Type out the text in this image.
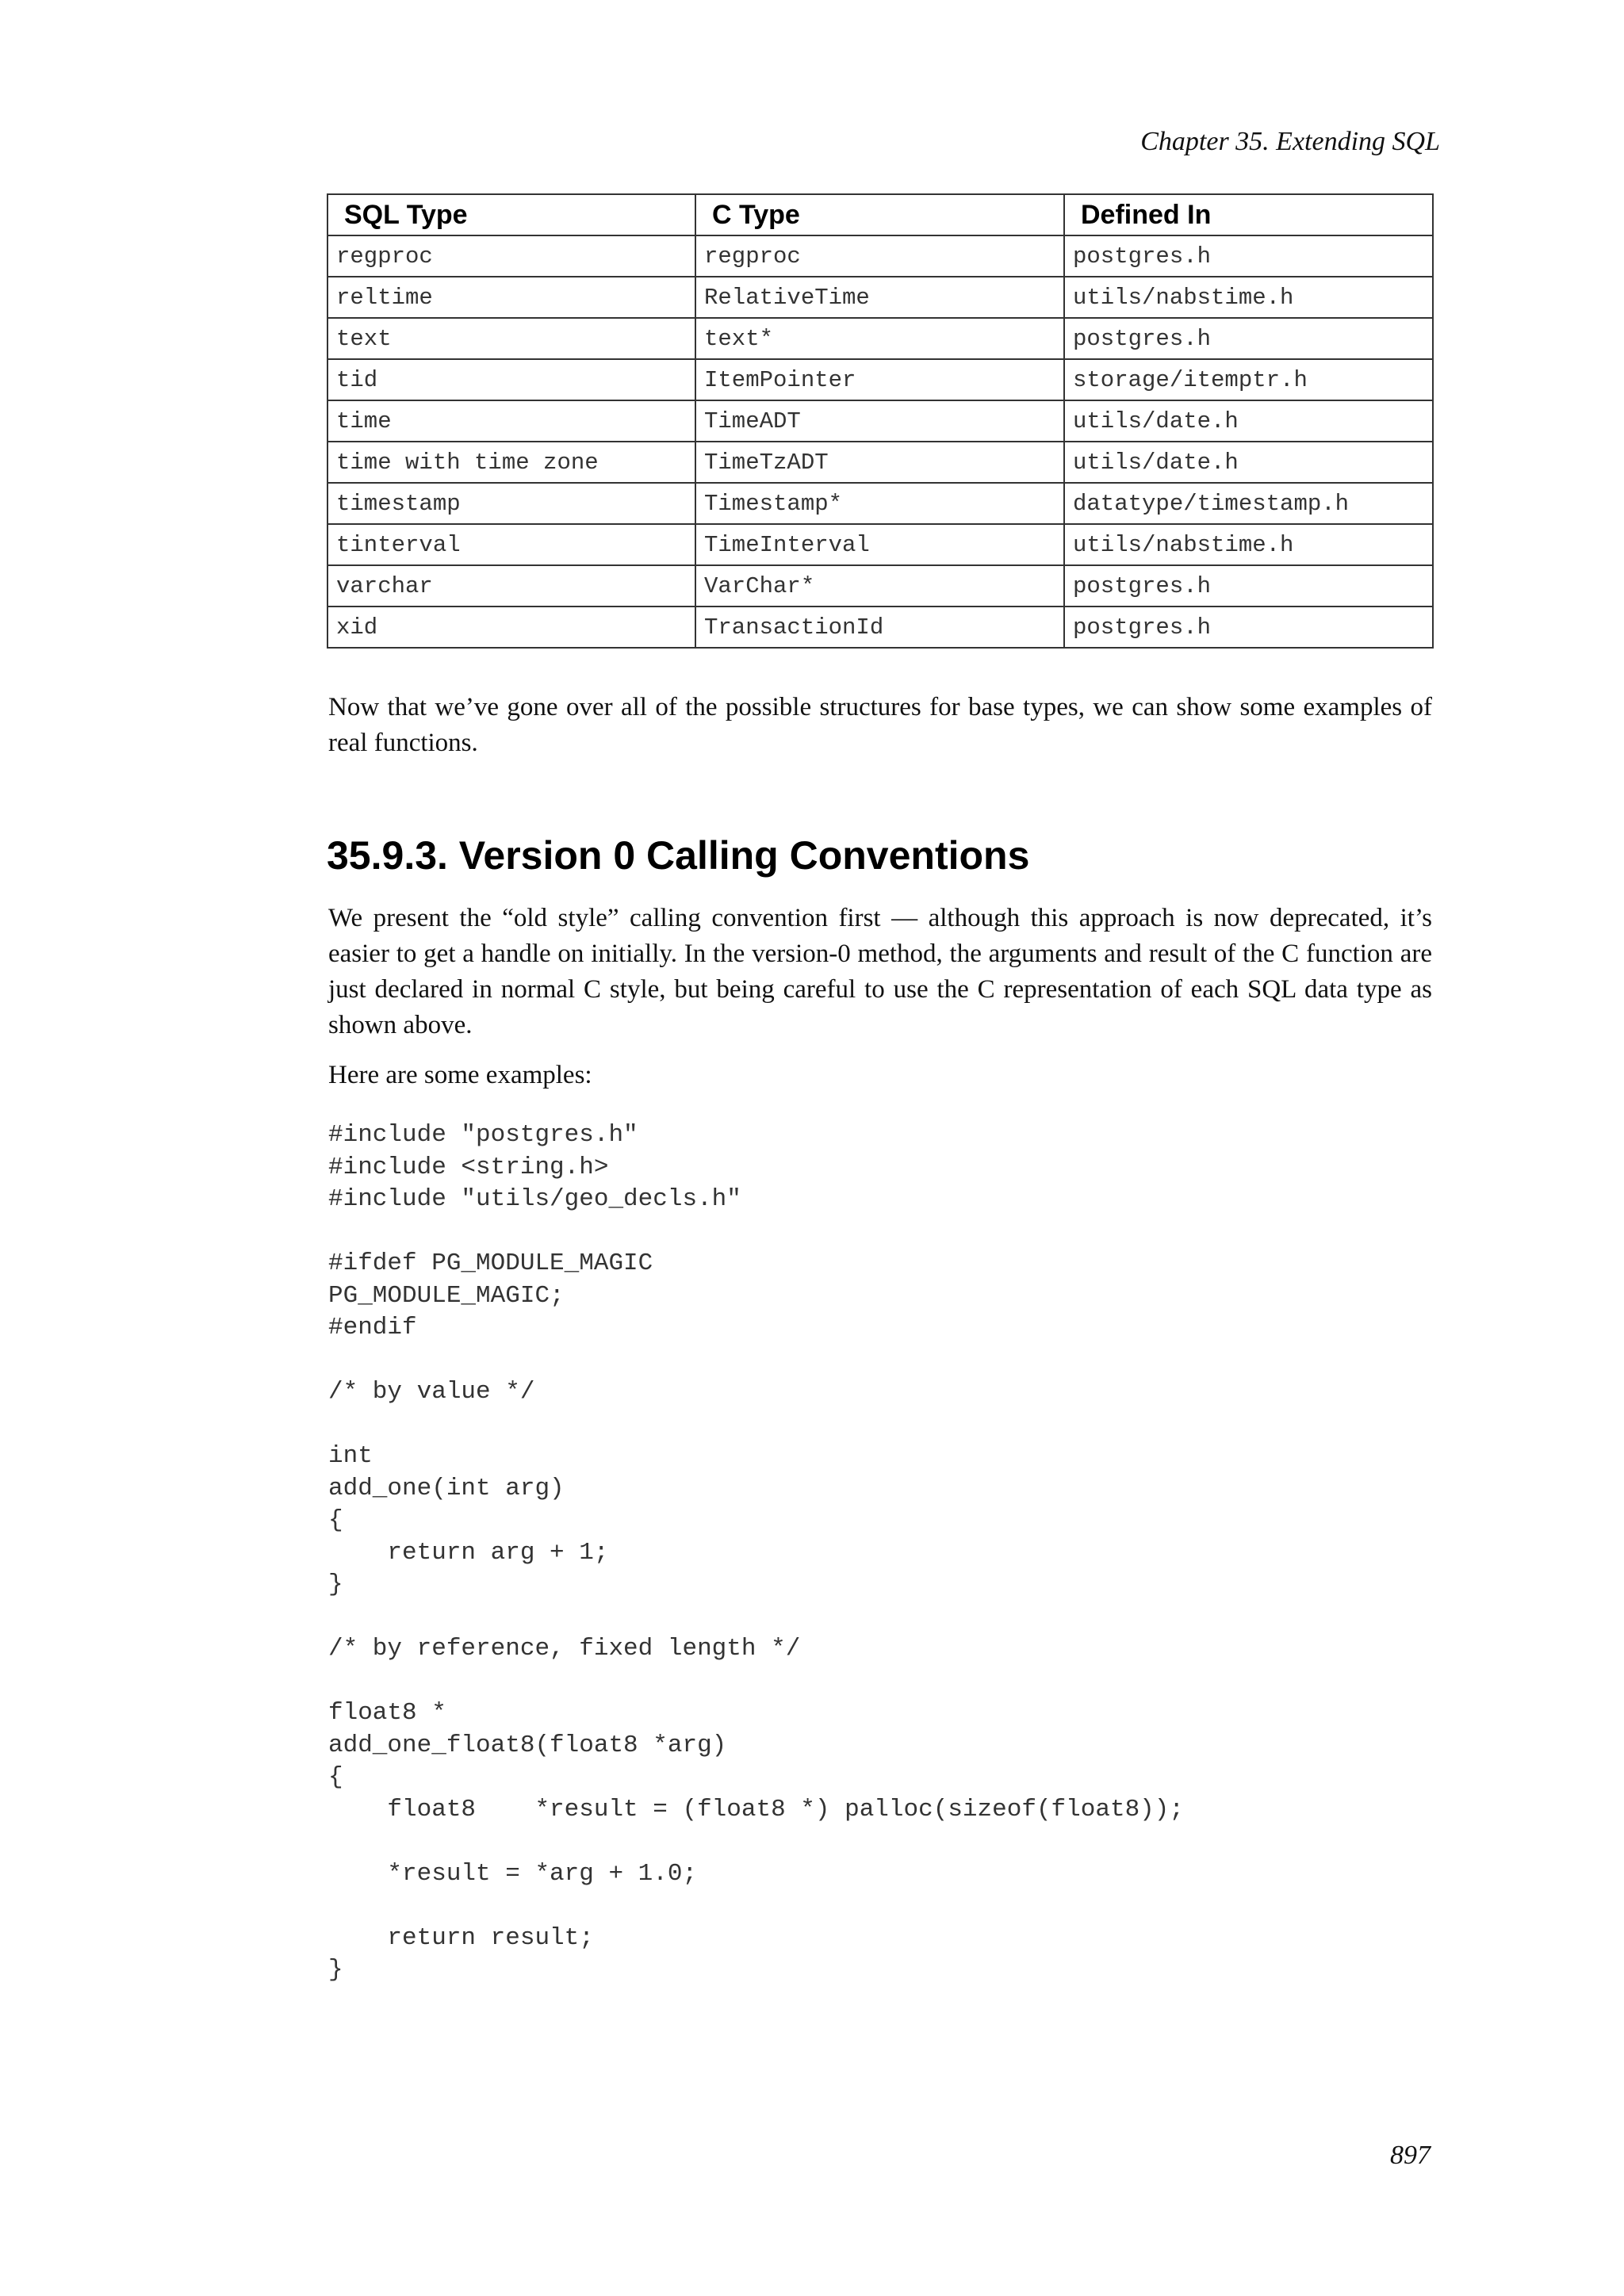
Chapter 35. Extending SQL
SQL Type	C Type	Defined In
regproc	regproc	postgres.h
reltime	RelativeTime	utils/nabstime.h
text	text*	postgres.h
tid	ItemPointer	storage/itemptr.h
time	TimeADT	utils/date.h
time with time zone	TimeTzADT	utils/date.h
timestamp	Timestamp*	datatype/timestamp.h
tinterval	TimeInterval	utils/nabstime.h
varchar	VarChar*	postgres.h
xid	TransactionId	postgres.h

Now that we’ve gone over all of the possible structures for base types, we can show some examples of real functions.

35.9.3. Version 0 Calling Conventions

We present the “old style” calling convention first — although this approach is now deprecated, it’s easier to get a handle on initially. In the version-0 method, the arguments and result of the C function are just declared in normal C style, but being careful to use the C representation of each SQL data type as shown above.

Here are some examples:

#include "postgres.h"
#include <string.h>
#include "utils/geo_decls.h"

#ifdef PG_MODULE_MAGIC
PG_MODULE_MAGIC;
#endif

/* by value */

int
add_one(int arg)
{
return arg + 1;
}

/* by reference, fixed length */

float8 *
add_one_float8(float8 *arg)
{
float8    *result = (float8 *) palloc(sizeof(float8));

*result = *arg + 1.0;

return result;
}
897
